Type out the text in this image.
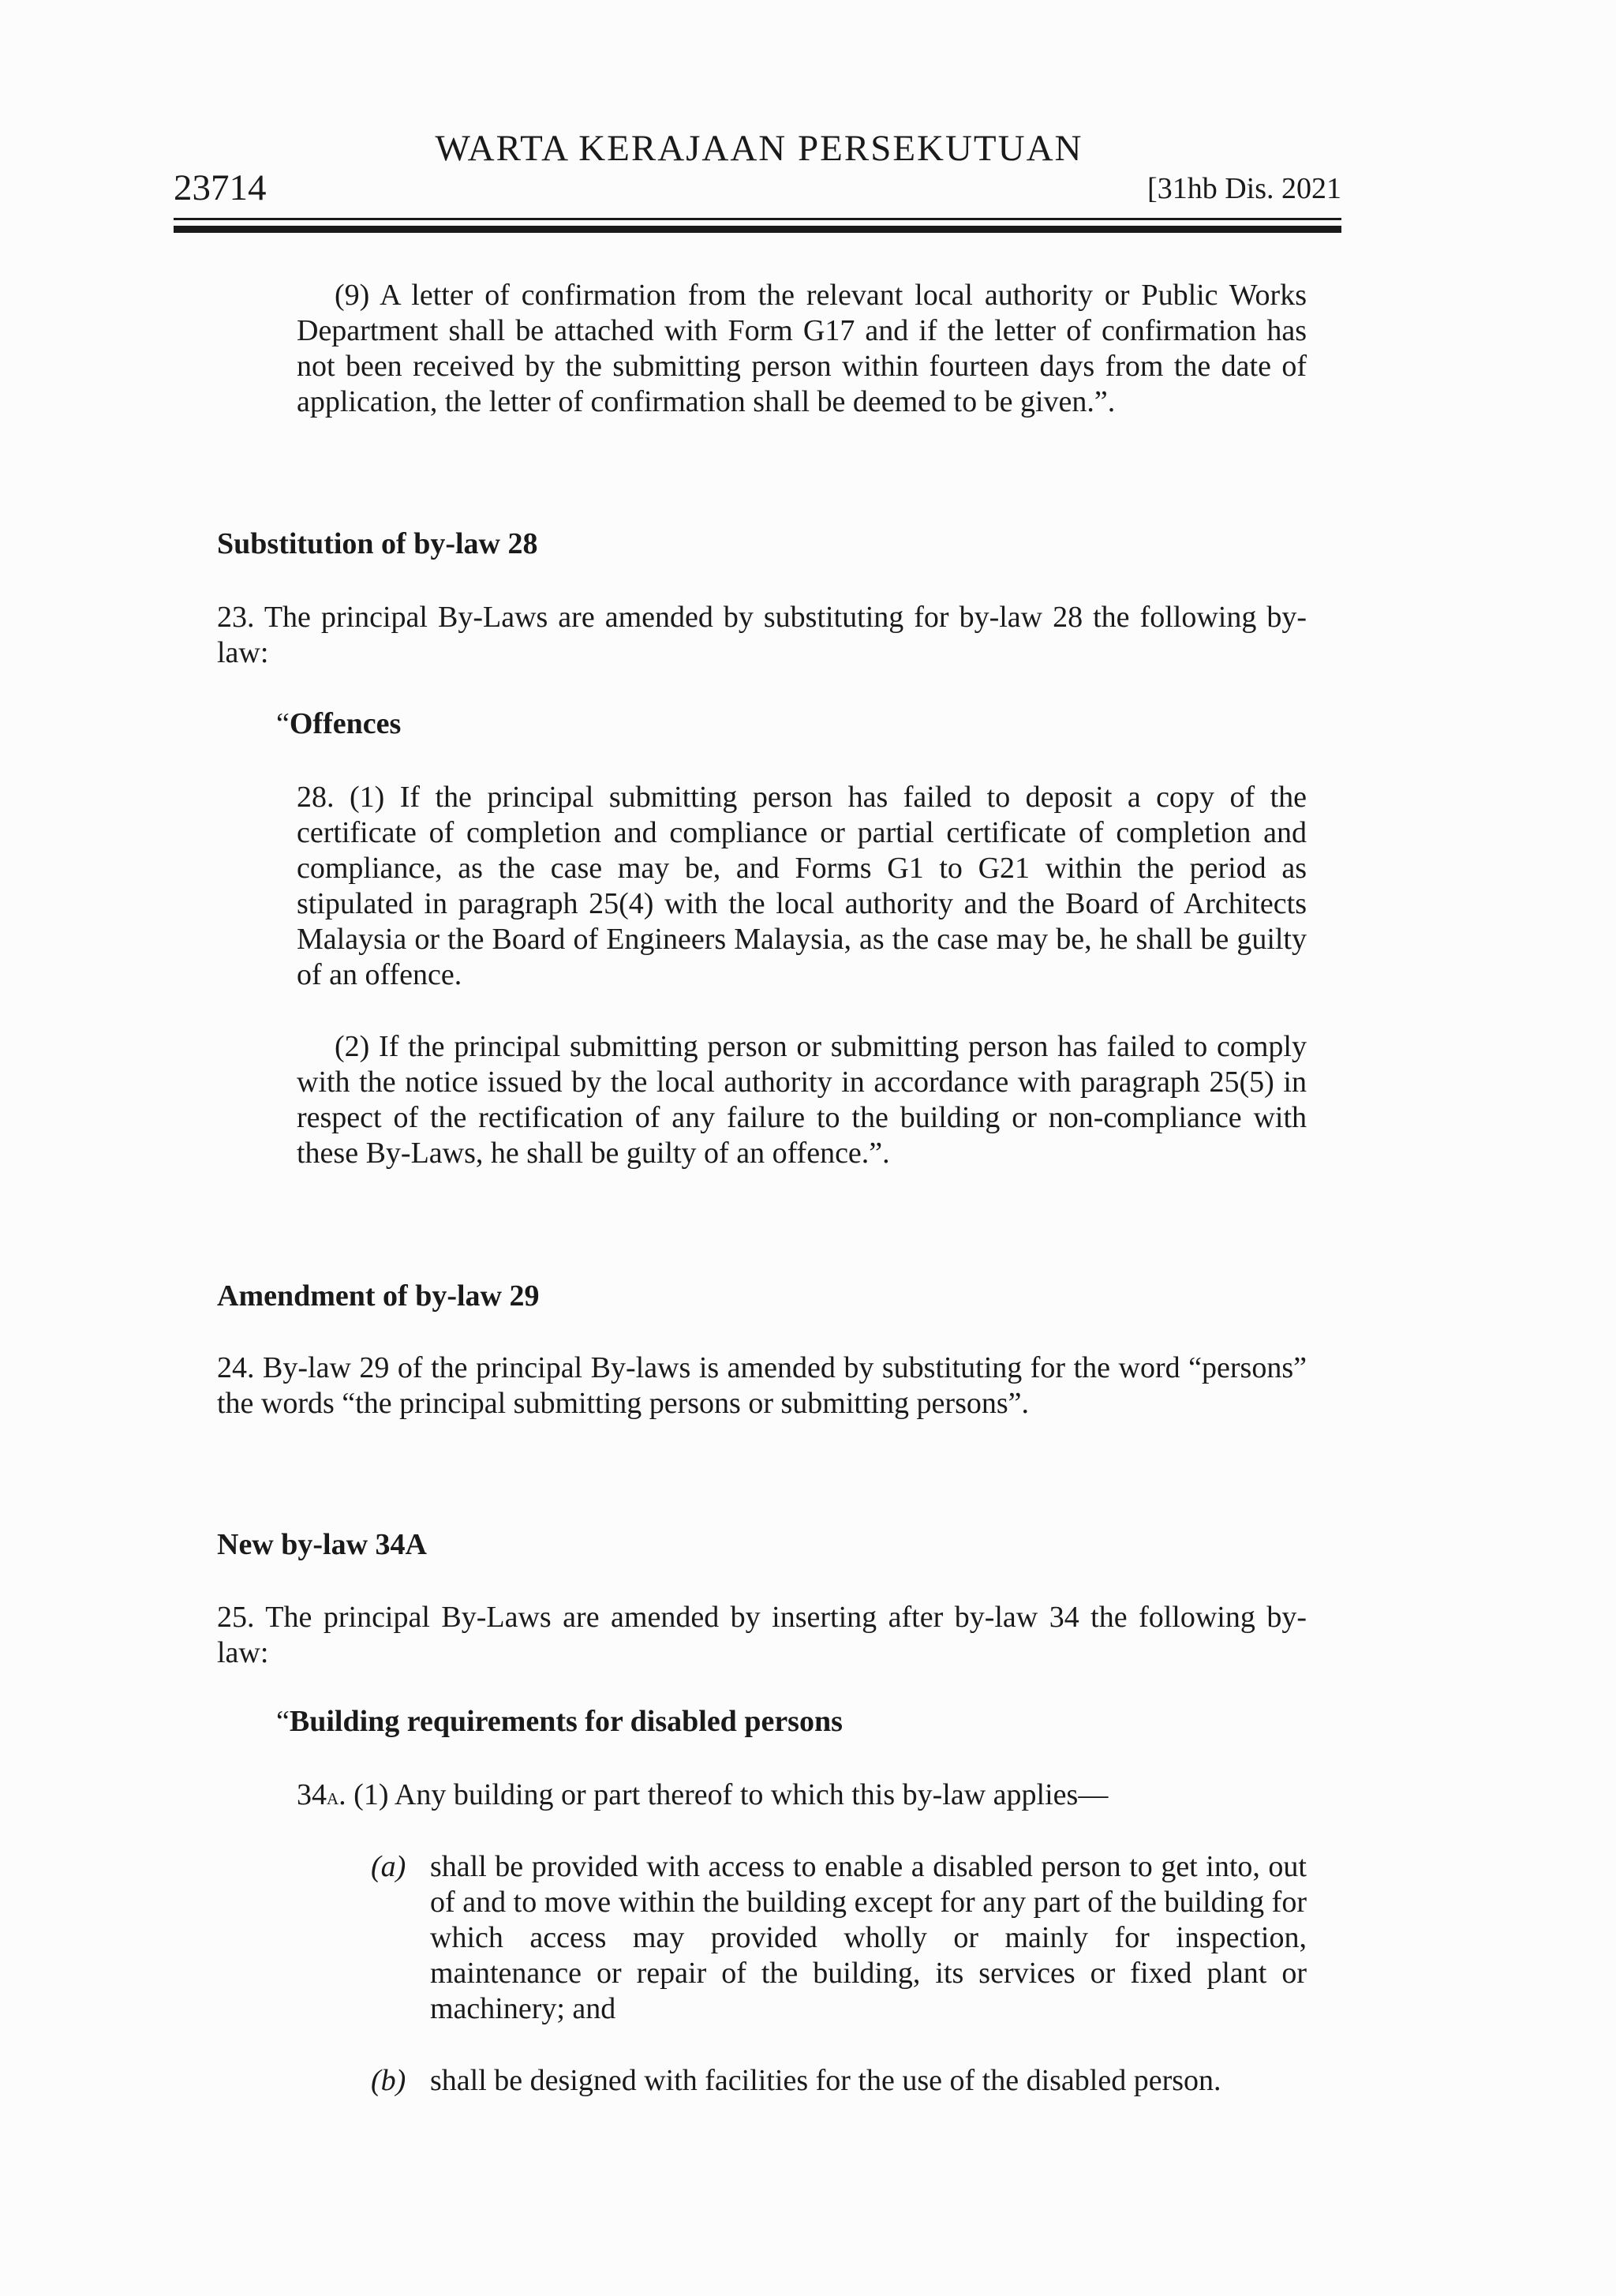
WARTA KERAJAAN PERSEKUTUAN
23714	[31hb Dis. 2021

(9) A letter of confirmation from the relevant local authority or Public Works Department shall be attached with Form G17 and if the letter of confirmation has not been received by the submitting person within fourteen days from the date of application, the letter of confirmation shall be deemed to be given.”.

Substitution of by-law 28

23. The principal By-Laws are amended by substituting for by-law 28 the following by-law:

“Offences

28. (1) If the principal submitting person has failed to deposit a copy of the certificate of completion and compliance or partial certificate of completion and compliance, as the case may be, and Forms G1 to G21 within the period as stipulated in paragraph 25(4) with the local authority and the Board of Architects Malaysia or the Board of Engineers Malaysia, as the case may be, he shall be guilty of an offence.

(2) If the principal submitting person or submitting person has failed to comply with the notice issued by the local authority in accordance with paragraph 25(5) in respect of the rectification of any failure to the building or non-compliance with these By-Laws, he shall be guilty of an offence.”.

Amendment of by-law 29

24. By-law 29 of the principal By-laws is amended by substituting for the word “persons” the words “the principal submitting persons or submitting persons”.

New by-law 34A

25. The principal By-Laws are amended by inserting after by-law 34 the following by-law:

“Building requirements for disabled persons

34a. (1) Any building or part thereof to which this by-law applies—

(a) shall be provided with access to enable a disabled person to get into, out of and to move within the building except for any part of the building for which access may provided wholly or mainly for inspection, maintenance or repair of the building, its services or fixed plant or machinery; and

(b) shall be designed with facilities for the use of the disabled person.
